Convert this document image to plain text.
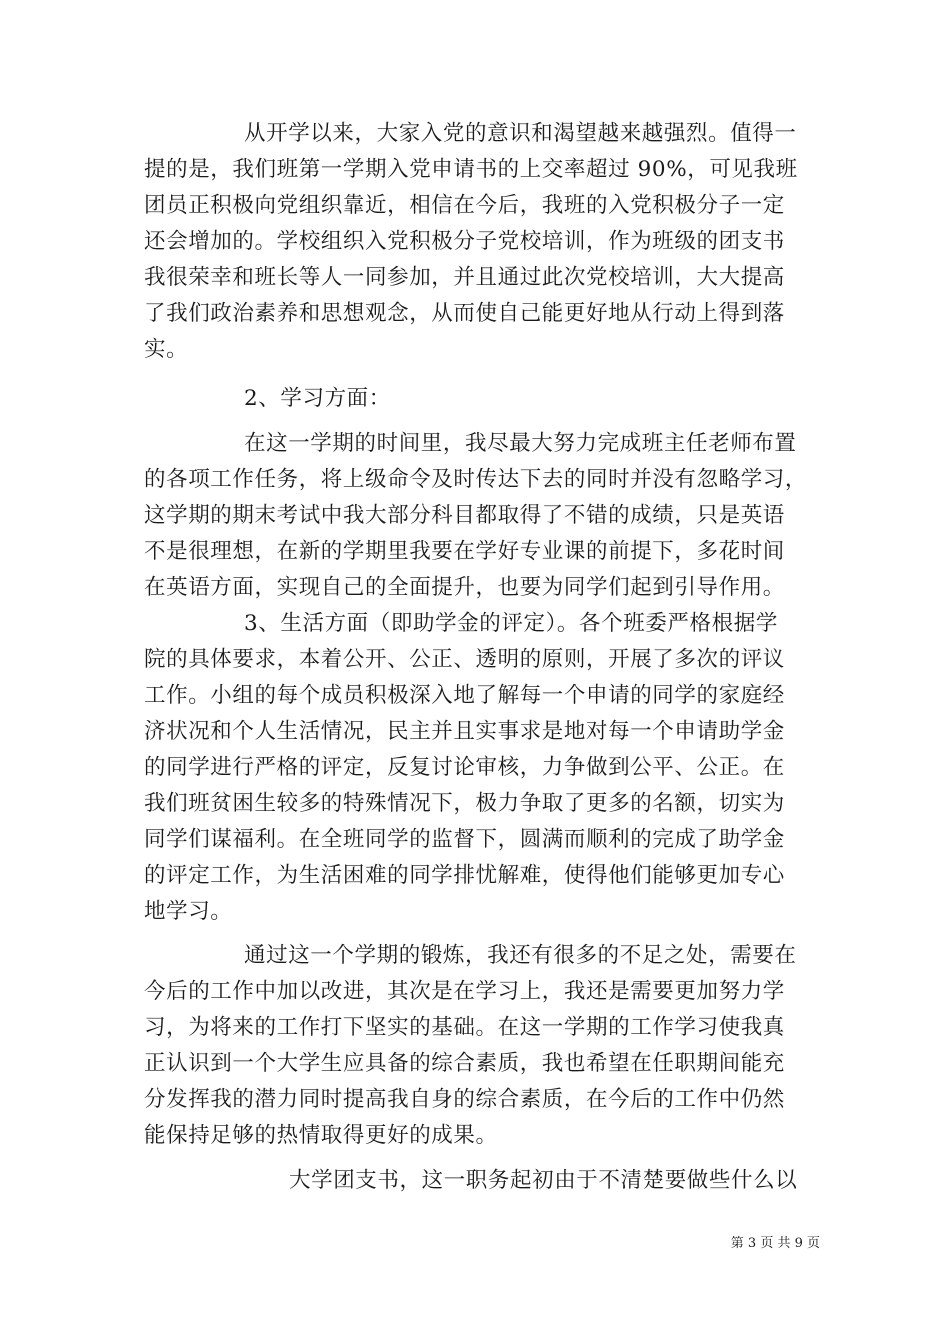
从开学以来，大家入党的意识和渴望越来越强烈。值得一
提的是，我们班第一学期入党申请书的上交率超过 90%，可见我班
团员正积极向党组织靠近，相信在今后，我班的入党积极分子一定
还会增加的。学校组织入党积极分子党校培训，作为班级的团支书
我很荣幸和班长等人一同参加，并且通过此次党校培训，大大提高
了我们政治素养和思想观念，从而使自己能更好地从行动上得到落
实。
2、学习方面：
在这一学期的时间里，我尽最大努力完成班主任老师布置
的各项工作任务，将上级命令及时传达下去的同时并没有忽略学习，
这学期的期末考试中我大部分科目都取得了不错的成绩，只是英语
不是很理想，在新的学期里我要在学好专业课的前提下，多花时间
在英语方面，实现自己的全面提升，也要为同学们起到引导作用。
3、生活方面（即助学金的评定）。各个班委严格根据学
院的具体要求，本着公开、公正、透明的原则，开展了多次的评议
工作。小组的每个成员积极深入地了解每一个申请的同学的家庭经
济状况和个人生活情况，民主并且实事求是地对每一个申请助学金
的同学进行严格的评定，反复讨论审核，力争做到公平、公正。在
我们班贫困生较多的特殊情况下，极力争取了更多的名额，切实为
同学们谋福利。在全班同学的监督下，圆满而顺利的完成了助学金
的评定工作，为生活困难的同学排忧解难，使得他们能够更加专心
地学习。
通过这一个学期的锻炼，我还有很多的不足之处，需要在
今后的工作中加以改进，其次是在学习上，我还是需要更加努力学
习，为将来的工作打下坚实的基础。在这一学期的工作学习使我真
正认识到一个大学生应具备的综合素质，我也希望在任职期间能充
分发挥我的潜力同时提高我自身的综合素质，在今后的工作中仍然
能保持足够的热情取得更好的成果。
大学团支书，这一职务起初由于不清楚要做些什么以
第 3 页 共 9 页
